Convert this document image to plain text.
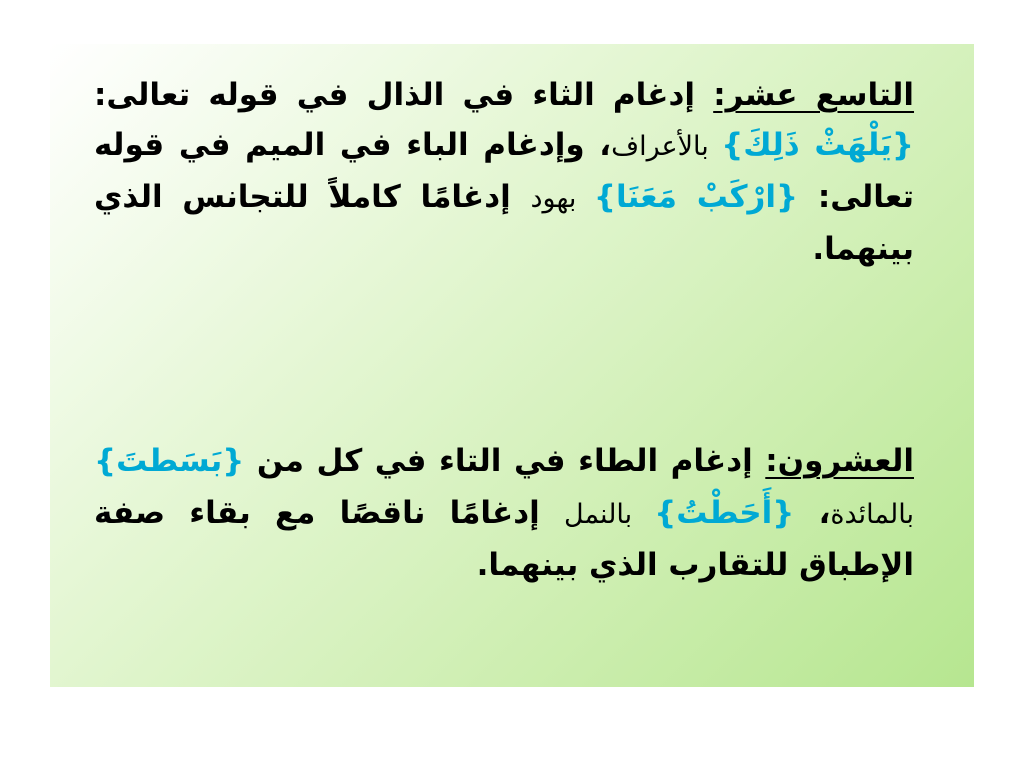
التاسع عشر: إدغام الثاء في الذال في قوله تعالى: {يَلْهَثْ ذَلِكَ} بالأعراف، وإدغام الباء في الميم في قوله تعالى: {ارْكَبْ مَعَنَا} بهود إدغامًا كاملاً للتجانس الذي بينهما.

العشرون: إدغام الطاء في التاء في كل من {بَسَطتَ} بالمائدة، {أَحَطْتُ} بالنمل إدغامًا ناقصًا مع بقاء صفة الإطباق للتقارب الذي بينهما.
